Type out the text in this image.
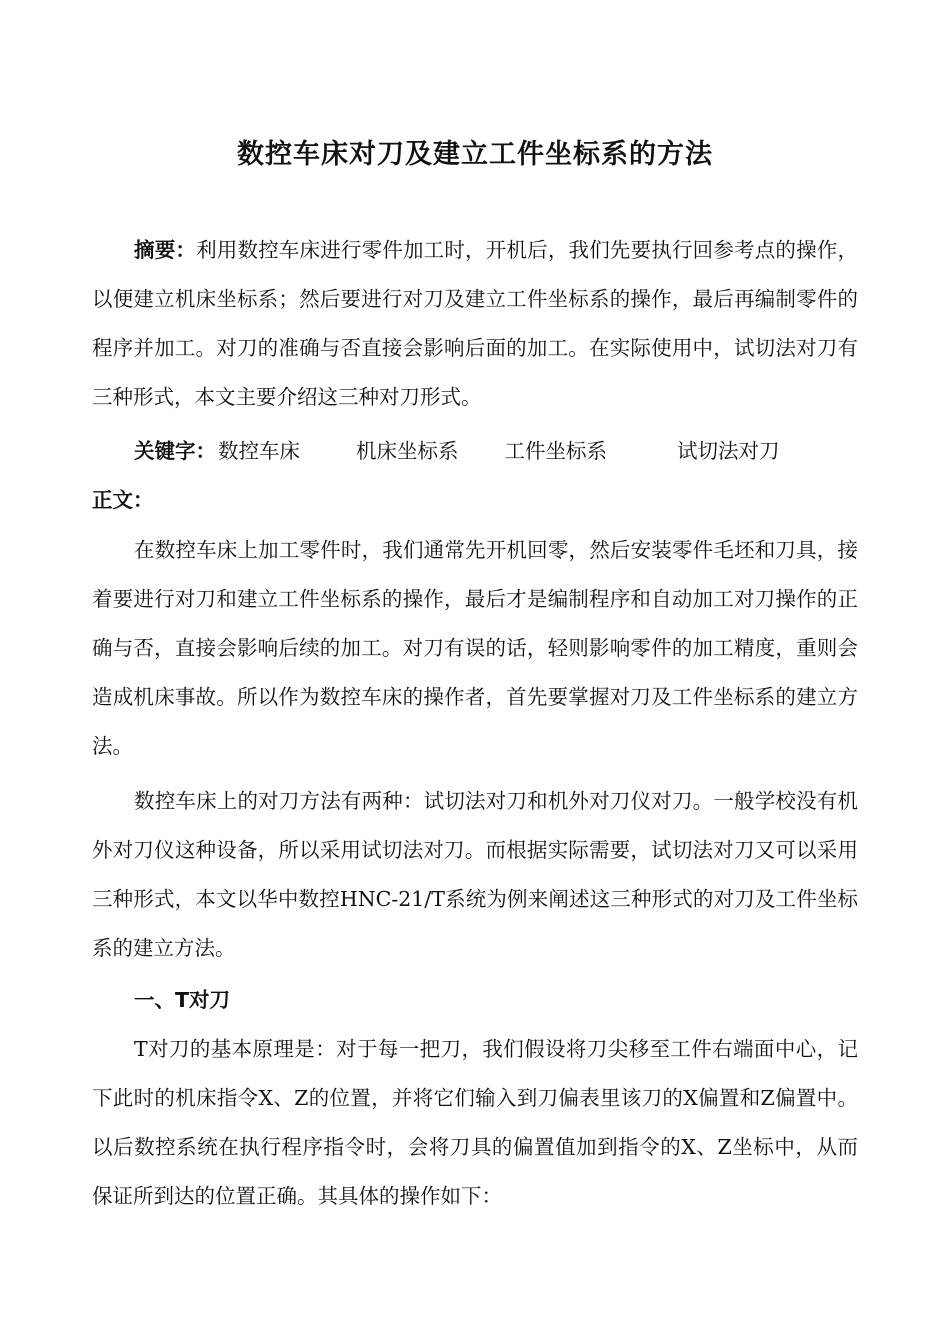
数控车床对刀及建立工件坐标系的方法
摘要：利用数控车床进行零件加工时，开机后，我们先要执行回参考点的操作，以便建立机床坐标系；然后要进行对刀及建立工件坐标系的操作，最后再编制零件的程序并加工。对刀的准确与否直接会影响后面的加工。在实际使用中，试切法对刀有三种形式，本文主要介绍这三种对刀形式。
关键字：数控车床	机床坐标系 工件坐标系	试切法对刀
正文：
在数控车床上加工零件时，我们通常先开机回零，然后安装零件毛坯和刀具，接着要进行对刀和建立工件坐标系的操作，最后才是编制程序和自动加工对刀操作的正确与否，直接会影响后续的加工。对刀有误的话，轻则影响零件的加工精度，重则会造成机床事故。所以作为数控车床的操作者，首先要掌握对刀及工件坐标系的建立方法。
数控车床上的对刀方法有两种：试切法对刀和机外对刀仪对刀。一般学校没有机外对刀仪这种设备，所以采用试切法对刀。而根据实际需要，试切法对刀又可以采用三种形式，本文以华中数控HNC-21/T系统为例来阐述这三种形式的对刀及工件坐标系的建立方法。
一、T对刀
T对刀的基本原理是：对于每一把刀，我们假设将刀尖移至工件右端面中心，记下此时的机床指令X、Z的位置，并将它们输入到刀偏表里该刀的X偏置和Z偏置中。以后数控系统在执行程序指令时，会将刀具的偏置值加到指令的X、Z坐标中，从而保证所到达的位置正确。其具体的操作如下：
